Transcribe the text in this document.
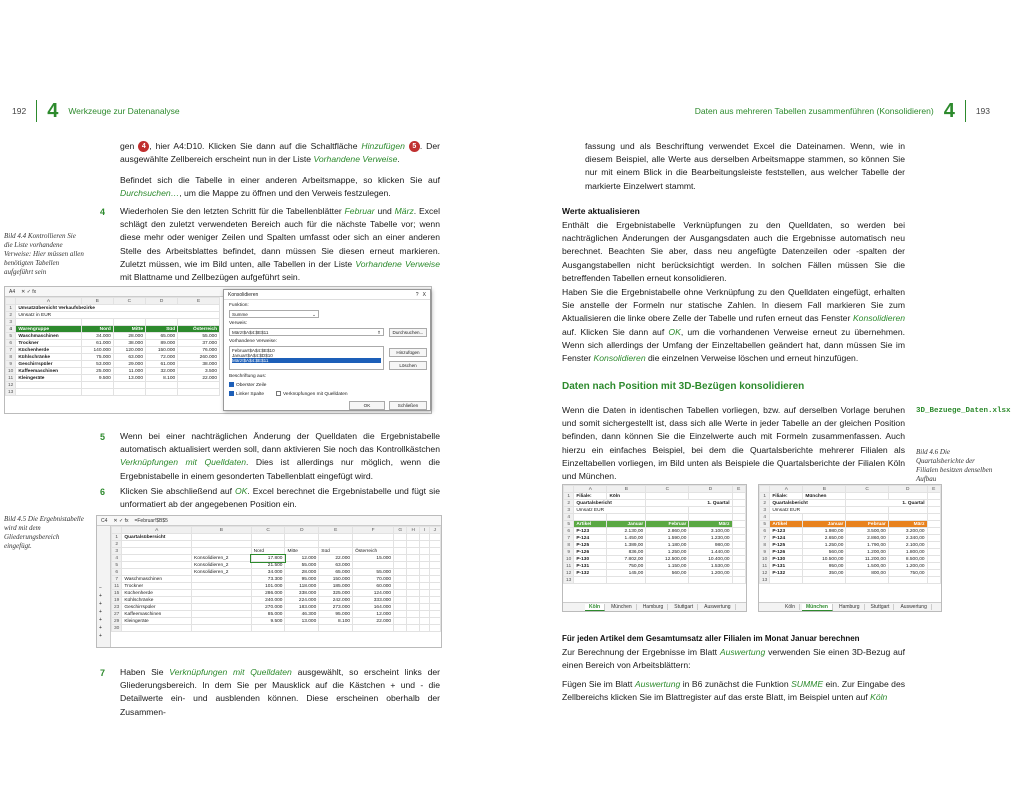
192 4 Werkzeuge zur Datenanalyse
gen 4 , hier A4:D10. Klicken Sie dann auf die Schaltfläche Hinzufügen 5 . Der ausgewählte Zellbereich erscheint nun in der Liste Vorhandene Verweise.
Befindet sich die Tabelle in einer anderen Arbeitsmappe, so klicken Sie auf Durchsuchen…, um die Mappe zu öffnen und den Verweis festzulegen.
4 Wiederholen Sie den letzten Schritt für die Tabellenblätter Februar und März. Excel schlägt den zuletzt verwendeten Bereich auch für die nächste Tabelle vor; wenn diese mehr oder weniger Zeilen und Spalten umfasst oder sich an einer anderen Stelle des Arbeitsblattes befindet, dann müssen Sie diesen erneut markieren. Zuletzt müssen, wie im Bild unten, alle Tabellen in der Liste Vorhandene Verweise mit Blattname und Zellbezügen aufgeführt sein.
Bild 4.4 Kontrollieren Sie die Liste vorhandene Verweise: Hier müssen allen benötigten Tabellen aufgeführt sein
A4 ✕ ✓ fx
	A	B	C	D	E
1	Umsatzübersicht Verkaufsbezirke				
2	Umsatz in EUR				
3					
4	Warengruppe	Nord	Mitte	Süd	Österreich
5	Waschmaschinen	34.000	28.000	65.000	55.000
6	Trockner	61.000	38.000	89.000	37.000
7	Küchenherde	140.000	120.000	150.000	76.000
8	Kühlschränke	75.000	63.000	72.000	260.000
9	Geschirrspüler	53.000	29.000	61.000	38.000
10	Kaffeemaschinen	25.000	11.000	32.000	3.500
11	Kleingeräte	9.500	13.000	8.100	22.000
12					
13					
Konsolidieren	? X
Funktion:
Summe	⌄
Verweis:
März!$A$4:$E$11	⇑	Durchsuchen...
Vorhandene Verweise:
Februar!$A$4:$E$10
Januar!$A$4:$D$10
März!$A$4:$E$11
Hinzufügen
Löschen
Beschriftung aus:
Oberster Zeile
Linker Spalte	Verknüpfungen mit Quelldaten
OK	Schließen
5 Wenn bei einer nachträglichen Änderung der Quelldaten die Ergebnistabelle automatisch aktualisiert werden soll, dann aktivieren Sie noch das Kontrollkästchen Verknüpfungen mit Quelldaten. Dies ist allerdings nur möglich, wenn die Ergebnistabelle in einem gesonderten Tabellenblatt eingefügt wird.
6 Klicken Sie abschließend auf OK. Excel berechnet die Ergebnistabelle und fügt sie unformatiert ab der angegebenen Position ein.
Bild 4.5 Die Ergebnistabelle wird mit dem Gliederungsbereich eingefügt.
C4 ✕ ✓ fx =Februar!$B$5
−
+
+
+
+
+
+
	A	B	C	D	E	F	G	H	I	J
1	Quartalsübersicht									
2										
3			Nord	Mitte	Süd	Österreich				
4		Konsolidieren_2	17.800	12.000	22.000	15.000				
5		Konsolidieren_2	21.500	55.000	63.000					
6		Konsolidieren_2	34.000	28.000	65.000	55.000				
7	Waschmaschinen		73.300	95.000	150.000	70.000				
11	Trockner		101.000	118.000	185.000	60.000				
15	Küchenherde		286.000	338.000	325.000	124.000				
19	Kühlschränke		240.000	224.000	242.000	333.000				
23	Geschirrspüler		270.000	183.000	273.000	164.000				
27	Kaffeemaschinen		85.000	46.300	95.000	12.000				
29	Kleingeräte		9.500	13.000	8.100	22.000				
30										
7 Haben Sie Verknüpfungen mit Quelldaten ausgewählt, so erscheint links der Gliederungsbereich. In dem Sie per Mausklick auf die Kästchen + und - die Detailwerte ein- und ausblenden können. Diese erscheinen oberhalb der Zusammen-
Daten aus mehreren Tabellen zusammenführen (Konsolidieren) 4 193
fassung und als Beschriftung verwendet Excel die Dateinamen. Wenn, wie in diesem Beispiel, alle Werte aus derselben Arbeitsmappe stammen, so können Sie nur mit einem Blick in die Bearbeitungsleiste feststellen, aus welcher Tabelle der markierte Einzelwert stammt.
Werte aktualisieren
Enthält die Ergebnistabelle Verknüpfungen zu den Quelldaten, so werden bei nachträglichen Änderungen der Ausgangsdaten auch die Ergebnisse automatisch neu berechnet. Beachten Sie aber, dass neu angefügte Datenzeilen oder -spalten der Ausgangstabellen nicht berücksichtigt werden. In solchen Fällen müssen Sie die betreffenden Tabellen erneut konsolidieren.
Haben Sie die Ergebnistabelle ohne Verknüpfung zu den Quelldaten eingefügt, erhalten Sie anstelle der Formeln nur statische Zahlen. In diesem Fall markieren Sie zum Aktualisieren die linke obere Zelle der Tabelle und rufen erneut das Fenster Konsolidieren auf. Klicken Sie dann auf OK, um die vorhandenen Verweise erneut zu übernehmen. Wenn sich allerdings der Umfang der Einzeltabellen geändert hat, dann müssen Sie im Fenster Konsolidieren die einzelnen Verweise löschen und erneut hinzufügen.
Daten nach Position mit 3D-Bezügen konsolidieren
Wenn die Daten in identischen Tabellen vorliegen, bzw. auf derselben Vorlage beruhen und somit sichergestellt ist, dass sich alle Werte in jeder Tabelle an der gleichen Position befinden, dann können Sie die Einzelwerte auch mit Formeln zusammenfassen. Auch hierzu ein einfaches Beispiel, bei dem die Quartalsberichte mehrerer Filialen als Einzeltabellen vorliegen, im Bild unten als Beispiele die Quartalsberichte der Filialen Köln und München.
3D_Bezuege_Daten.xlsx
Bild 4.6 Die Quartalsberichte der Filialen besitzen denselben Aufbau
	A	B	C	D	E
1	Filiale:	Köln			
2	Quartalsbericht		1. Quartal		
3	Umsatz EUR				
4					
5	Artikel	Januar	Februar	März	
6	P-123	2.130,00	2.860,00	3.100,00	
7	P-124	1.450,00	1.590,00	1.230,00	
8	P-125	1.389,00	1.180,00	980,00	
9	P-126	836,00	1.250,00	1.440,00	
10	P-130	7.802,00	12.500,00	10.400,00	
11	P-131	750,00	1.150,00	1.530,00	
12	P-132	145,00	560,00	1.200,00	
13					
Köln	München	Hamburg	Stuttgart	Auswertung
	A	B	C	D	E
1	Filiale:	München			
2	Quartalsbericht		1. Quartal		
3	Umsatz EUR				
4					
5	Artikel	Januar	Februar	März	
6	P-123	1.980,00	3.500,00	3.200,00	
7	P-124	2.650,00	2.860,00	2.340,00	
8	P-125	1.250,00	1.790,00	2.100,00	
9	P-126	560,00	1.200,00	1.800,00	
10	P-130	10.500,00	11.200,00	8.500,00	
11	P-131	950,00	1.500,00	1.200,00	
12	P-132	350,00	800,00	750,00	
13					
Köln	München	Hamburg	Stuttgart	Auswertung
Für jeden Artikel dem Gesamtumsatz aller Filialen im Monat Januar berechnen
Zur Berechnung der Ergebnisse im Blatt Auswertung verwenden Sie einen 3D-Bezug auf einen Bereich von Arbeitsblättern:
Fügen Sie im Blatt Auswertung in B6 zunächst die Funktion SUMME ein. Zur Eingabe des Zellbereichs klicken Sie im Blattregister auf das erste Blatt, im Beispiel unten auf Köln
